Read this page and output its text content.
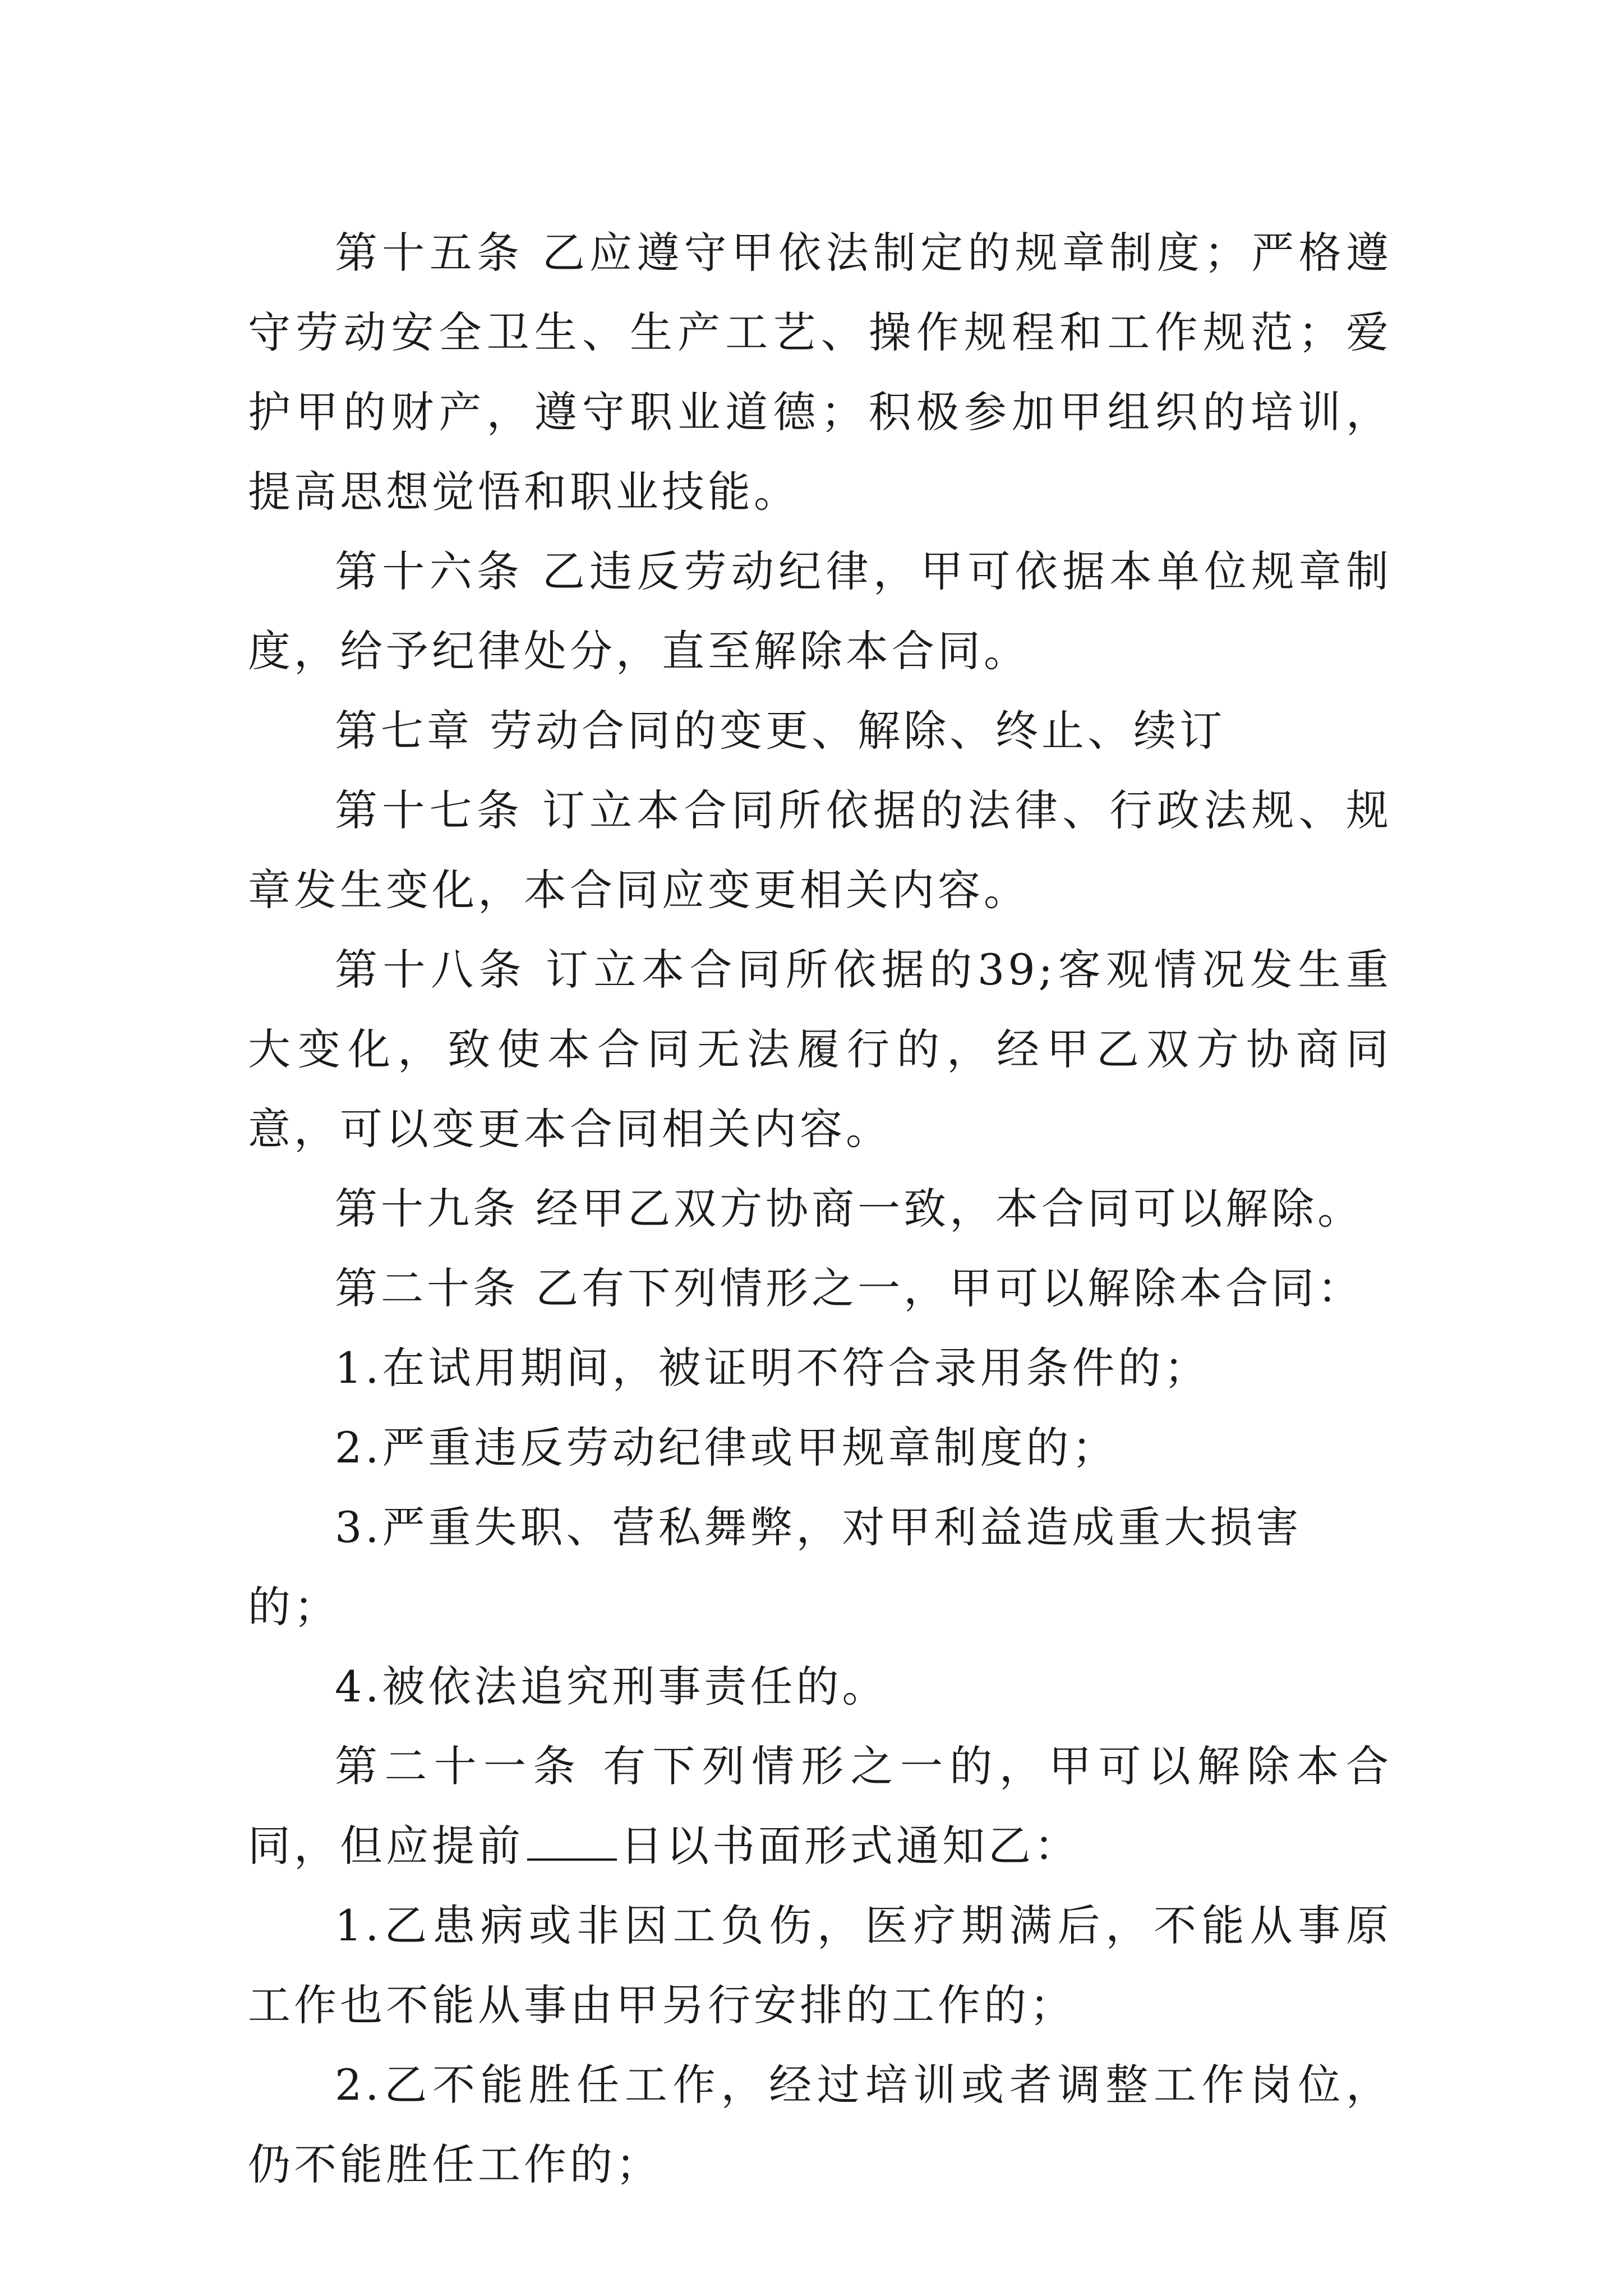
第十五条 乙应遵守甲依法制定的规章制度；严格遵守劳动安全卫生、生产工艺、操作规程和工作规范；爱护甲的财产，遵守职业道德；积极参加甲组织的培训，提高思想觉悟和职业技能。

第十六条 乙违反劳动纪律，甲可依据本单位规章制度，给予纪律处分，直至解除本合同。

第七章 劳动合同的变更、解除、终止、续订

第十七条 订立本合同所依据的法律、行政法规、规章发生变化，本合同应变更相关内容。

第十八条 订立本合同所依据的39;客观情况发生重大变化，致使本合同无法履行的，经甲乙双方协商同意，可以变更本合同相关内容。

第十九条 经甲乙双方协商一致，本合同可以解除。

第二十条 乙有下列情形之一，甲可以解除本合同：

1.在试用期间，被证明不符合录用条件的；

2.严重违反劳动纪律或甲规章制度的；

3.严重失职、营私舞弊，对甲利益造成重大损害的；

4.被依法追究刑事责任的。

第二十一条 有下列情形之一的，甲可以解除本合同，但应提前 日以书面形式通知乙：

1.乙患病或非因工负伤，医疗期满后，不能从事原工作也不能从事由甲另行安排的工作的；

2.乙不能胜任工作，经过培训或者调整工作岗位，仍不能胜任工作的；
